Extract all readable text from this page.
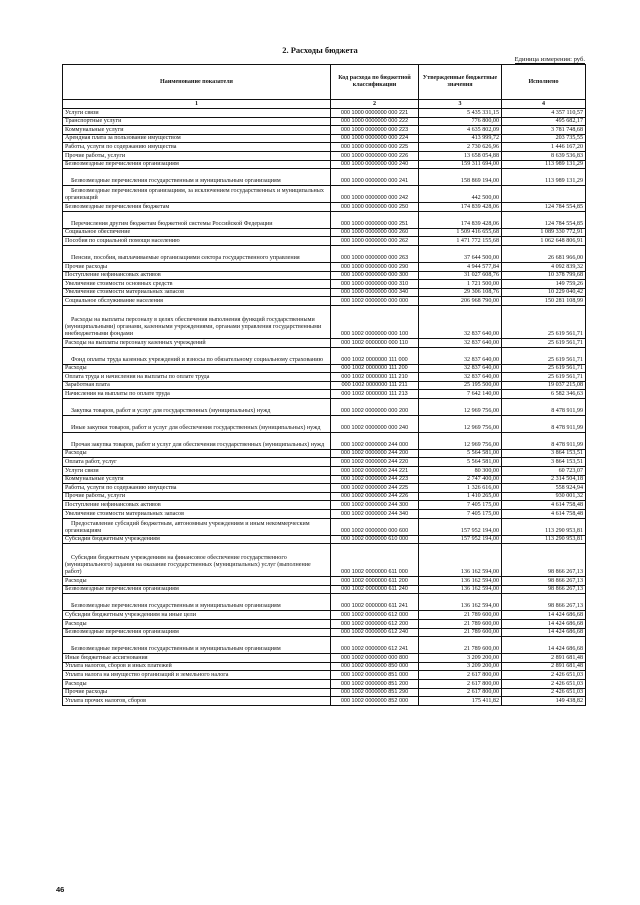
2. Расходы бюджета
Единица измерения: руб.
Наименование показателя	Код расхода по бюджетной классификации	Утвержденные бюджетные значения	Исполнено
1	2	3	4
Услуги связи	000 1000 0000000 000 221	5 435 331,15	4 357 110,57
Транспортные услуги	000 1000 0000000 000 222	776 800,00	495 682,17
Коммунальные услуги	000 1000 0000000 000 223	4 635 802,09	3 781 748,68
Арендная плата за пользование имуществом	000 1000 0000000 000 224	413 999,72	203 735,55
Работы, услуги по содержанию имущества	000 1000 0000000 000 225	2 730 626,96	1 446 167,20
Прочие работы, услуги	000 1000 0000000 000 226	13 658 054,88	8 639 536,83
Безвозмездные перечисления организациям	000 1000 0000000 000 240	159 311 694,00	113 989 131,29
Безвозмездные перечисления государственным и муниципальным организациям	000 1000 0000000 000 241	158 869 194,00	113 989 131,29
Безвозмездные перечисления организациям, за исключением государственных и муниципальных организаций	000 1000 0000000 000 242	442 500,00	
Безвозмездные перечисления бюджетам	000 1000 0000000 000 250	174 839 428,06	124 784 554,85
Перечисления другим бюджетам бюджетной системы Российской Федерации	000 1000 0000000 000 251	174 839 428,06	124 784 554,85
Социальное обеспечение	000 1000 0000000 000 260	1 509 416 655,68	1 089 330 772,91
Пособия по социальной помощи населению	000 1000 0000000 000 262	1 471 772 155,68	1 062 648 806,91
Пенсии, пособия, выплачиваемые организациями сектора государственного управления	000 1000 0000000 000 263	37 644 500,00	26 681 966,00
Прочие расходы	000 1000 0000000 000 290	4 944 577,84	4 092 839,32
Поступление нефинансовых активов	000 1000 0000000 000 300	31 027 608,76	10 378 799,68
Увеличение стоимости основных средств	000 1000 0000000 000 310	1 721 500,00	149 759,26
Увеличение стоимости материальных запасов	000 1000 0000000 000 340	29 306 108,76	10 229 040,42
Социальное обслуживание населения	000 1002 0000000 000 000	206 968 790,00	150 281 108,99
Расходы на выплаты персоналу в целях обеспечения выполнения функций государственными (муниципальными) органами, казенными учреждениями, органами управления государственными внебюджетными фондами	000 1002 0000000 000 100	32 837 640,00	25 619 561,71
Расходы на выплаты персоналу казенных учреждений	000 1002 0000000 000 110	32 837 640,00	25 619 561,71
Фонд оплаты труда казенных учреждений и взносы по обязательному социальному страхованию	000 1002 0000000 111 000	32 837 640,00	25 619 561,71
Расходы	000 1002 0000000 111 200	32 837 640,00	25 619 561,71
Оплата труда и начисления на выплаты по оплате труда	000 1002 0000000 111 210	32 837 640,00	25 619 561,71
Заработная плата	000 1002 0000000 111 211	25 195 500,00	19 037 215,08
Начисления на выплаты по оплате труда	000 1002 0000000 111 213	7 642 140,00	6 582 346,63
Закупка товаров, работ и услуг для государственных (муниципальных) нужд	000 1002 0000000 000 200	12 969 756,00	8 478 911,99
Иные закупки товаров, работ и услуг для обеспечения государственных (муниципальных) нужд	000 1002 0000000 000 240	12 969 756,00	8 478 911,99
Прочая закупка товаров, работ и услуг для обеспечения государственных (муниципальных) нужд	000 1002 0000000 244 000	12 969 756,00	8 478 911,99
Расходы	000 1002 0000000 244 200	5 564 581,00	3 864 153,51
Оплата работ, услуг	000 1002 0000000 244 220	5 564 581,00	3 864 153,51
Услуги связи	000 1002 0000000 244 221	80 300,00	60 723,07
Коммунальные услуги	000 1002 0000000 244 223	2 747 400,00	2 314 504,18
Работы, услуги по содержанию имущества	000 1002 0000000 244 225	1 326 616,00	558 924,94
Прочие работы, услуги	000 1002 0000000 244 226	1 410 265,00	930 001,32
Поступление нефинансовых активов	000 1002 0000000 244 300	7 405 175,00	4 614 758,48
Увеличение стоимости материальных запасов	000 1002 0000000 244 340	7 405 175,00	4 614 758,48
Предоставление субсидий бюджетным, автономным учреждениям и иным некоммерческим организациям	000 1002 0000000 000 600	157 952 194,00	113 290 953,81
Субсидии бюджетным учреждениям	000 1002 0000000 610 000	157 952 194,00	113 290 953,81
Субсидии бюджетным учреждениям на финансовое обеспечение государственного (муниципального) задания на оказание государственных (муниципальных) услуг (выполнение работ)	000 1002 0000000 611 000	136 162 594,00	98 866 267,13
Расходы	000 1002 0000000 611 200	136 162 594,00	98 866 267,13
Безвозмездные перечисления организациям	000 1002 0000000 611 240	136 162 594,00	98 866 267,13
Безвозмездные перечисления государственным и муниципальным организациям	000 1002 0000000 611 241	136 162 594,00	98 866 267,13
Субсидии бюджетным учреждениям на иные цели	000 1002 0000000 612 000	21 789 600,00	14 424 686,68
Расходы	000 1002 0000000 612 200	21 789 600,00	14 424 686,68
Безвозмездные перечисления организациям	000 1002 0000000 612 240	21 789 600,00	14 424 686,68
Безвозмездные перечисления государственным и муниципальным организациям	000 1002 0000000 612 241	21 789 600,00	14 424 686,68
Иные бюджетные ассигнования	000 1002 0000000 000 800	3 209 200,00	2 891 681,48
Уплата налогов, сборов и иных платежей	000 1002 0000000 850 000	3 209 200,00	2 891 681,48
Уплата налога на имущество организаций и земельного налога	000 1002 0000000 851 000	2 617 800,00	2 426 651,03
Расходы	000 1002 0000000 851 200	2 617 800,00	2 426 651,03
Прочие расходы	000 1002 0000000 851 290	2 617 800,00	2 426 651,03
Уплата прочих налогов, сборов	000 1002 0000000 852 000	175 411,82	149 438,82
46
